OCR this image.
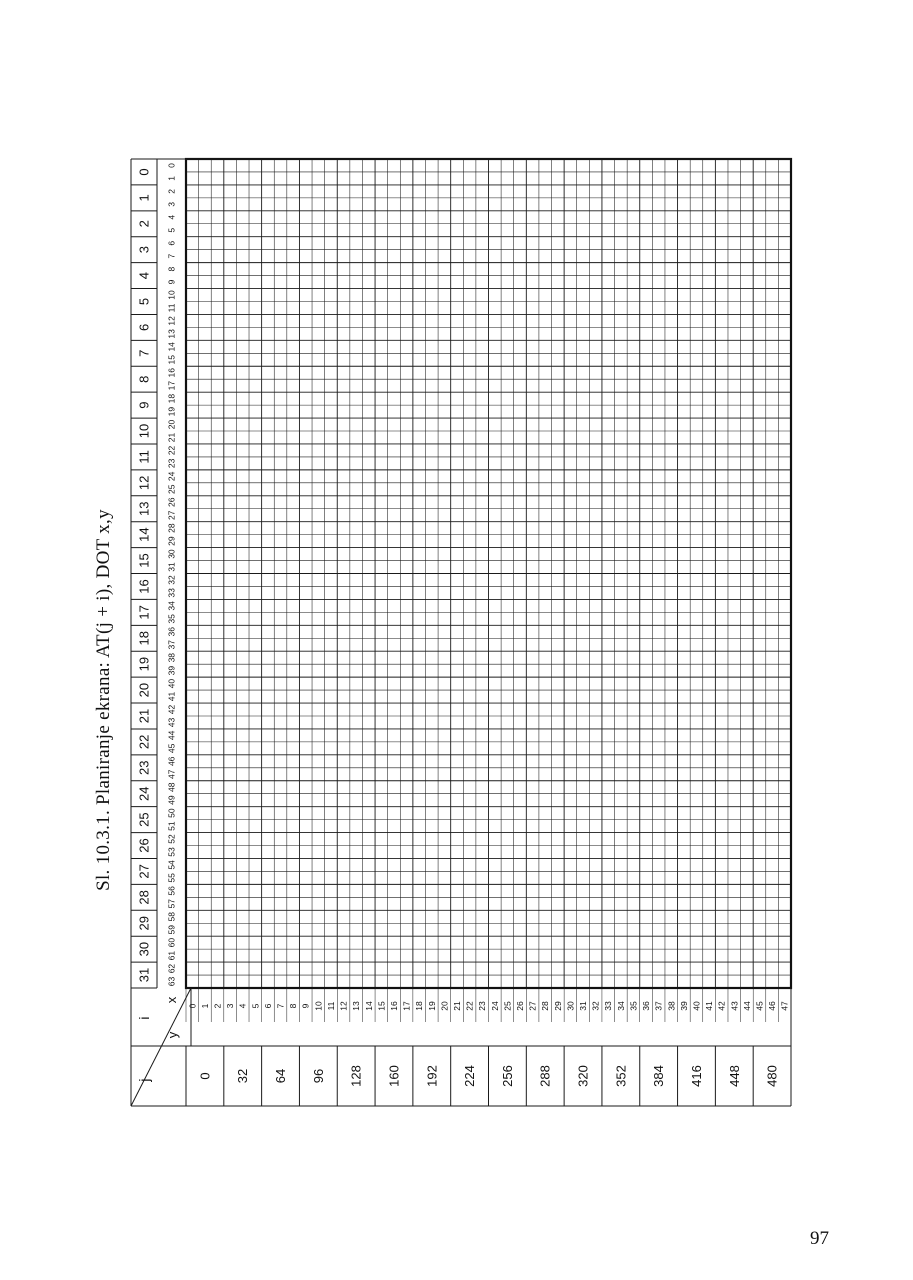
Sl. 10.3.1. Planiranje ekrana: AT(j + i), DOT x,y
0
1
2
3
4
5
6
7
8
9
10
11
12
13
14
15
16
17
18
19
20
21
22
23
24
25
26
27
28
29
30
31
0
1
2
3
4
5
6
7
8
9
10
11
12
13
14
15
16
17
18
19
20
21
22
23
24
25
26
27
28
29
30
31
32
33
34
35
36
37
38
39
40
41
42
43
44
45
46
47
48
49
50
51
52
53
54
55
56
57
58
59
60
61
62
63
0 1 2 3 4 5 6 7 8 9 10 11 12 13 14 15 16 17 18 19 20 21 22 23 24 25 26 27 28 29 30 31 32 33 34 35 36 37 38 39 40 41 42 43 44 45 46 47
0 32 64 96 128 160 192 224 256 288 320 352 384 416 448 480
i
x
y
j
97
